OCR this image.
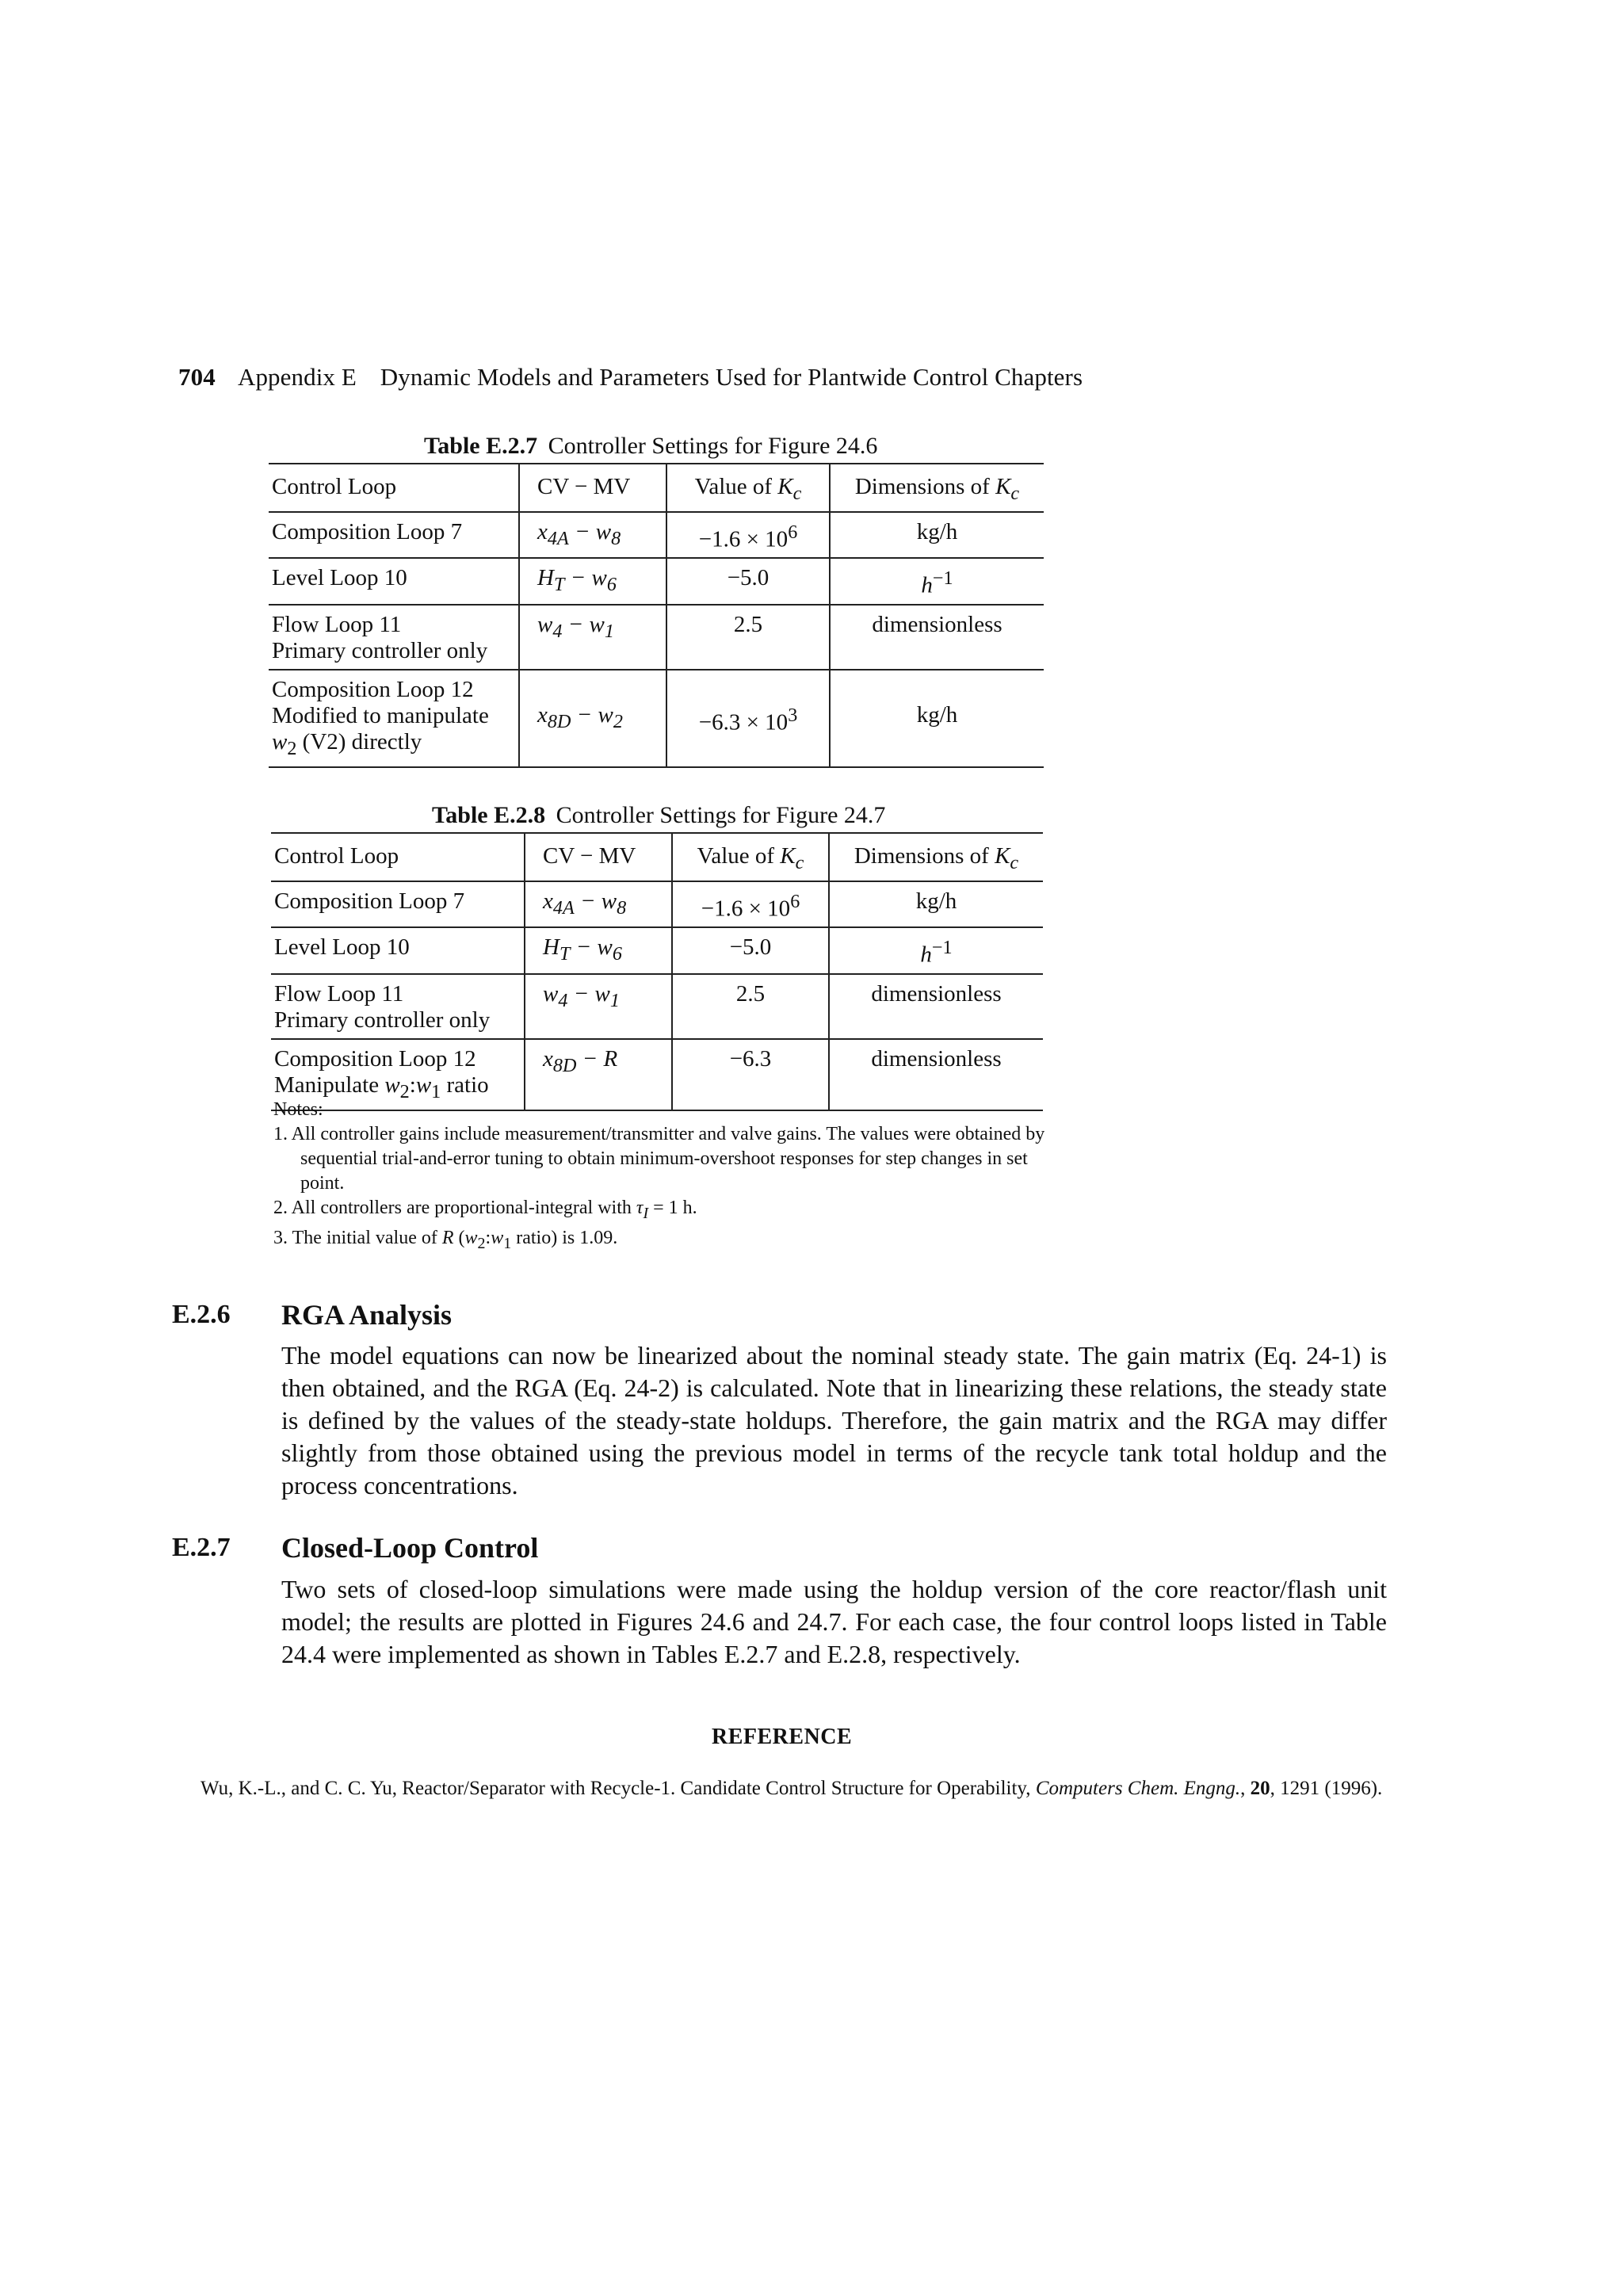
704 Appendix E Dynamic Models and Parameters Used for Plantwide Control Chapters
Table E.2.7 Controller Settings for Figure 24.6
Control Loop	CV − MV	Value of $K_c$	Dimensions of $K_c$
Composition Loop 7	$x_{4A} - w_8$	$-1.6 \times 10^6$	kg/h
Level Loop 10	$H_T - w_6$	−5.0	$h^{-1}$

Flow Loop 11
Primary controller only	$w_4 - w_1$	2.5	dimensionless

Composition Loop 12
Modified to manipulate
$w_2$ (V2) directly	$x_{8D} - w_2$	$-6.3 \times 10^3$	kg/h
Table E.2.8 Controller Settings for Figure 24.7
Control Loop	CV − MV	Value of $K_c$	Dimensions of $K_c$
Composition Loop 7	$x_{4A} - w_8$	$-1.6 \times 10^6$	kg/h
Level Loop 10	$H_T - w_6$	−5.0	$h^{-1}$

Flow Loop 11
Primary controller only	$w_4 - w_1$	2.5	dimensionless

Composition Loop 12
Manipulate $w_2:w_1$ ratio	$x_{8D} - R$	−6.3	dimensionless

Notes:

1. All controller gains include measurement/transmitter and valve gains. The values were obtained by sequential trial-and-error tuning to obtain minimum-overshoot responses for step changes in set point.

2. All controllers are proportional-integral with $\tau_I = 1$ h.

3. The initial value of R ($w_2:w_1$ ratio) is 1.09.

E.2.6 RGA Analysis
The model equations can now be linearized about the nominal steady state. The gain matrix (Eq. 24-1) is then obtained, and the RGA (Eq. 24-2) is calculated. Note that in linearizing these relations, the steady state is defined by the values of the steady-state holdups. Therefore, the gain matrix and the RGA may differ slightly from those obtained using the previous model in terms of the recycle tank total holdup and the process concentrations.
E.2.7 Closed-Loop Control
Two sets of closed-loop simulations were made using the holdup version of the core reactor/flash unit model; the results are plotted in Figures 24.6 and 24.7. For each case, the four control loops listed in Table 24.4 were implemented as shown in Tables E.2.7 and E.2.8, respectively.
REFERENCE
Wu, K.-L., and C. C. Yu, Reactor/Separator with Recycle-1. Candidate Control Structure for Operability, Computers Chem. Engng., 20, 1291 (1996).
